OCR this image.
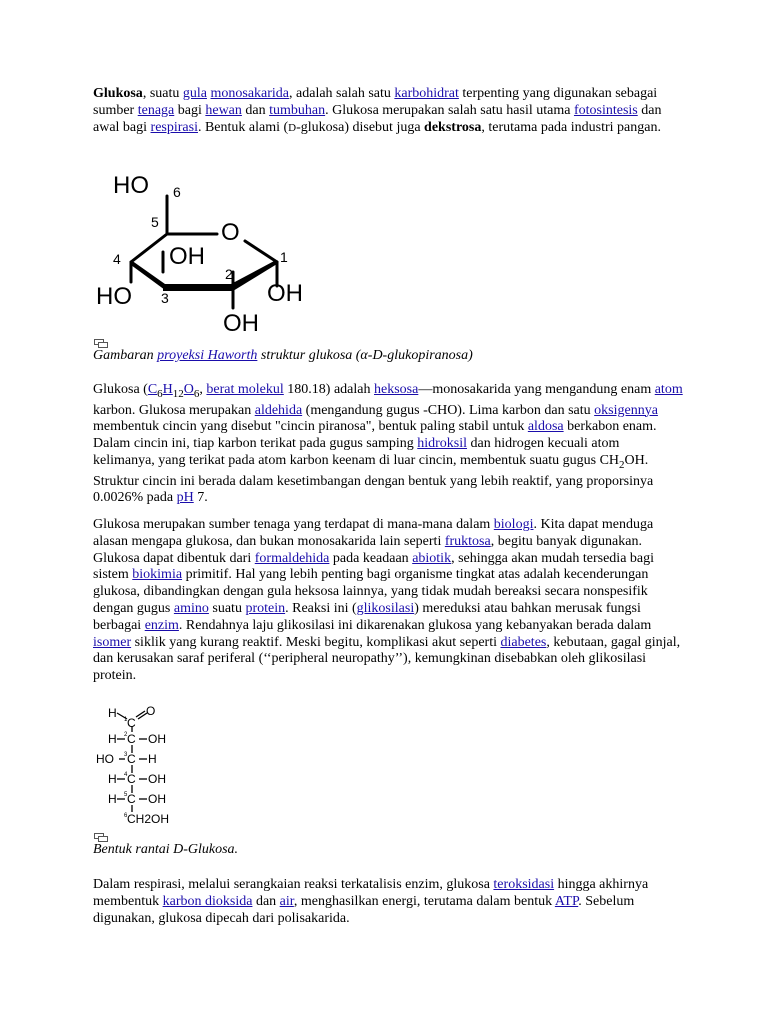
Glukosa, suatu gula monosakarida, adalah salah satu karbohidrat terpenting yang digunakan sebagai sumber tenaga bagi hewan dan tumbuhan. Glukosa merupakan salah satu hasil utama fotosintesis dan awal bagi respirasi. Bentuk alami (D-glukosa) disebut juga dekstrosa, terutama pada industri pangan.

HO 6
5	O
4 OH
2
1
HO 3	OH
OH

Gambaran proyeksi Haworth struktur glukosa (α-D-glukopiranosa)

Glukosa ($C_6H_{12}O_6$, berat molekul 180.18) adalah heksosa—monosakarida yang mengandung enam atom karbon. Glukosa merupakan aldehida (mengandung gugus -CHO). Lima karbon dan satu oksigennya membentuk cincin yang disebut "cincin piranosa", bentuk paling stabil untuk aldosa berkabon enam. Dalam cincin ini, tiap karbon terikat pada gugus samping hidroksil dan hidrogen kecuali atom kelimanya, yang terikat pada atom karbon keenam di luar cincin, membentuk suatu gugus $CH_2OH$. Struktur cincin ini berada dalam kesetimbangan dengan bentuk yang lebih reaktif, yang proporsinya 0.0026% pada pH 7.

Glukosa merupakan sumber tenaga yang terdapat di mana-mana dalam biologi. Kita dapat menduga alasan mengapa glukosa, dan bukan monosakarida lain seperti fruktosa, begitu banyak digunakan. Glukosa dapat dibentuk dari formaldehida pada keadaan abiotik, sehingga akan mudah tersedia bagi sistem biokimia primitif. Hal yang lebih penting bagi organisme tingkat atas adalah kecenderungan glukosa, dibandingkan dengan gula heksosa lainnya, yang tidak mudah bereaksi secara nonspesifik dengan gugus amino suatu protein. Reaksi ini (glikosilasi) mereduksi atau bahkan merusak fungsi berbagai enzim. Rendahnya laju glikosilasi ini dikarenakan glukosa yang kebanyakan berada dalam isomer siklik yang kurang reaktif. Meski begitu, komplikasi akut seperti diabetes, kebutaan, gagal ginjal, dan kerusakan saraf periferal (‘‘peripheral neuropathy’’), kemungkinan disebabkan oleh glikosilasi protein.

H O
C
1
H C
2 OH
HO C
3 H
H C
4 OH
H C
5 OH
6 CH2OH

Bentuk rantai D-Glukosa.

Dalam respirasi, melalui serangkaian reaksi terkatalisis enzim, glukosa teroksidasi hingga akhirnya membentuk karbon dioksida dan air, menghasilkan energi, terutama dalam bentuk ATP. Sebelum digunakan, glukosa dipecah dari polisakarida.
